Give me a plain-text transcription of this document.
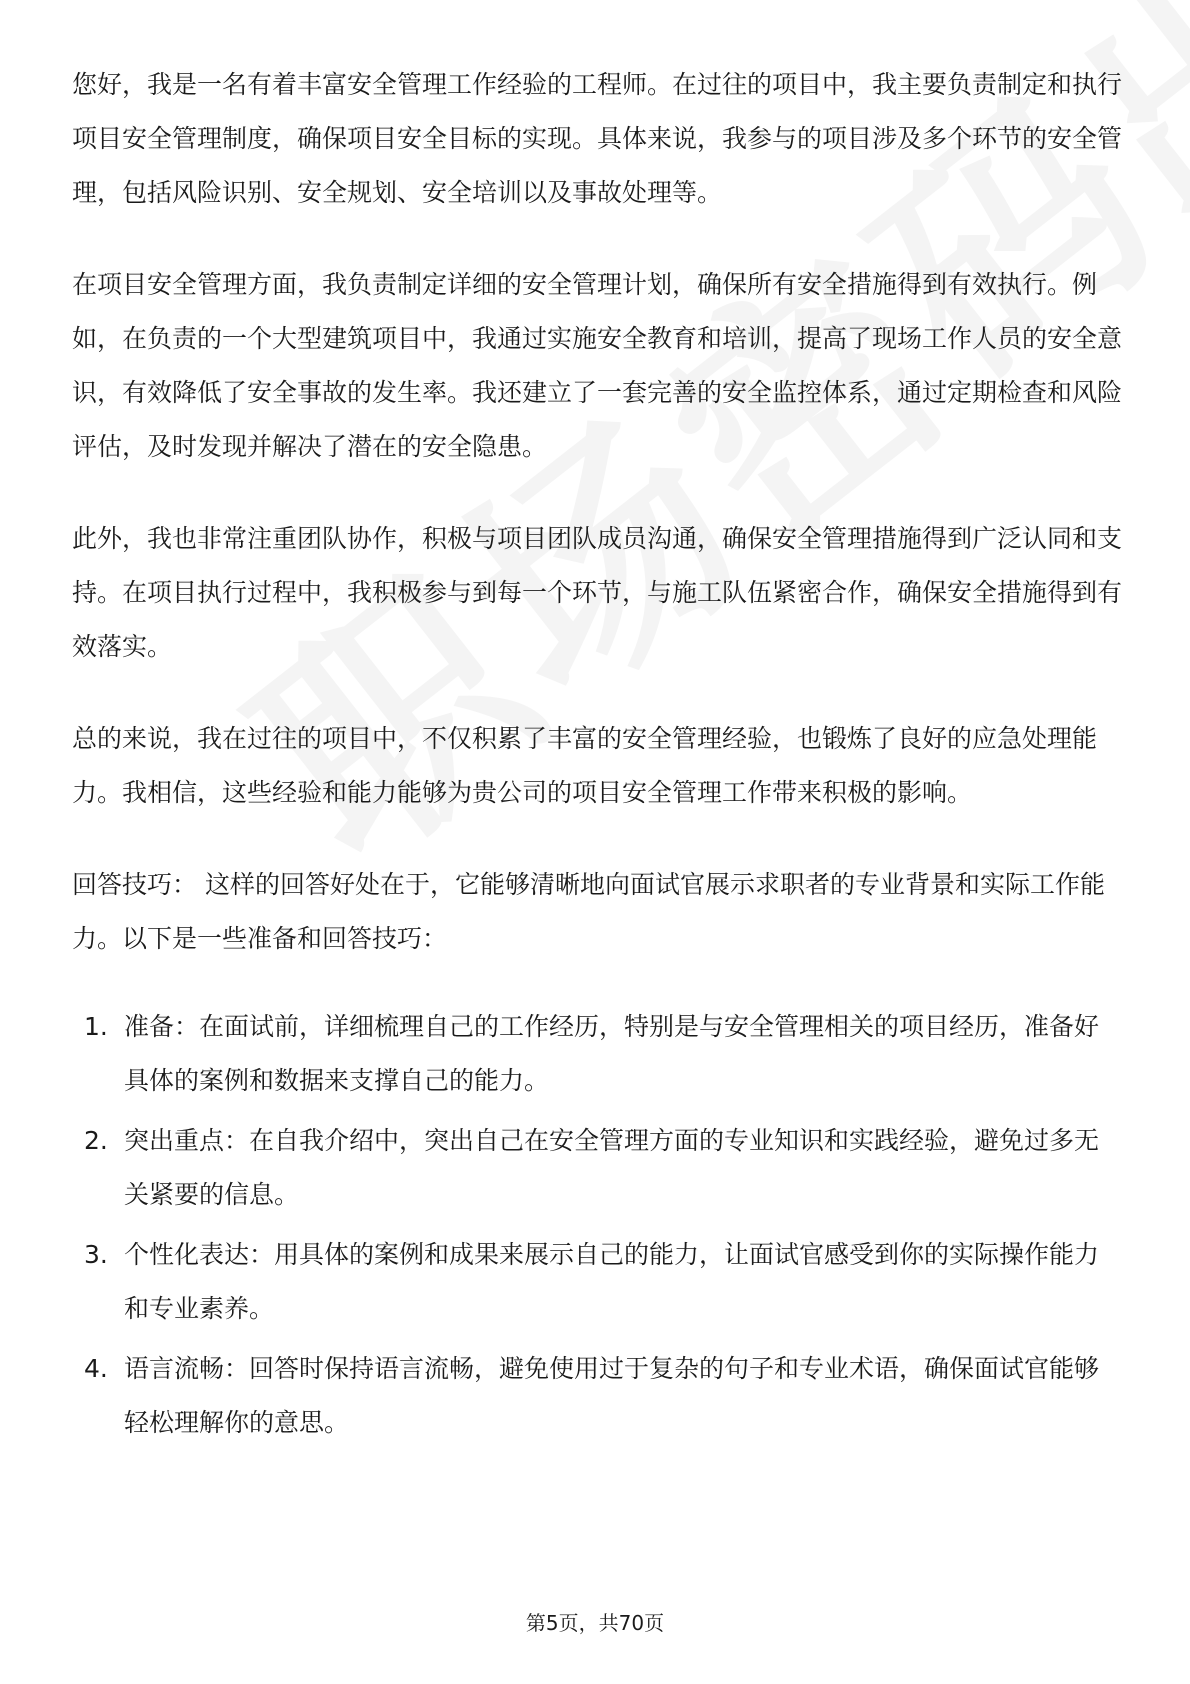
您好，我是一名有着丰富安全管理工作经验的工程师。在过往的项目中，我主要负责制定和执行项目安全管理制度，确保项目安全目标的实现。具体来说，我参与的项目涉及多个环节的安全管理，包括风险识别、安全规划、安全培训以及事故处理等。

在项目安全管理方面，我负责制定详细的安全管理计划，确保所有安全措施得到有效执行。例如，在负责的一个大型建筑项目中，我通过实施安全教育和培训，提高了现场工作人员的安全意识，有效降低了安全事故的发生率。我还建立了一套完善的安全监控体系，通过定期检查和风险评估，及时发现并解决了潜在的安全隐患。

此外，我也非常注重团队协作，积极与项目团队成员沟通，确保安全管理措施得到广泛认同和支持。在项目执行过程中，我积极参与到每一个环节，与施工队伍紧密合作，确保安全措施得到有效落实。

总的来说，我在过往的项目中，不仅积累了丰富的安全管理经验，也锻炼了良好的应急处理能力。我相信，这些经验和能力能够为贵公司的项目安全管理工作带来积极的影响。

回答技巧： 这样的回答好处在于，它能够清晰地向面试官展示求职者的专业背景和实际工作能力。以下是一些准备和回答技巧：

1. 准备：在面试前，详细梳理自己的工作经历，特别是与安全管理相关的项目经历，准备好具体的案例和数据来支撑自己的能力。
2. 突出重点：在自我介绍中，突出自己在安全管理方面的专业知识和实践经验，避免过多无关紧要的信息。
3. 个性化表达：用具体的案例和成果来展示自己的能力，让面试官感受到你的实际操作能力和专业素养。
4. 语言流畅：回答时保持语言流畅，避免使用过于复杂的句子和专业术语，确保面试官能够轻松理解你的意思。
第5页，共70页
